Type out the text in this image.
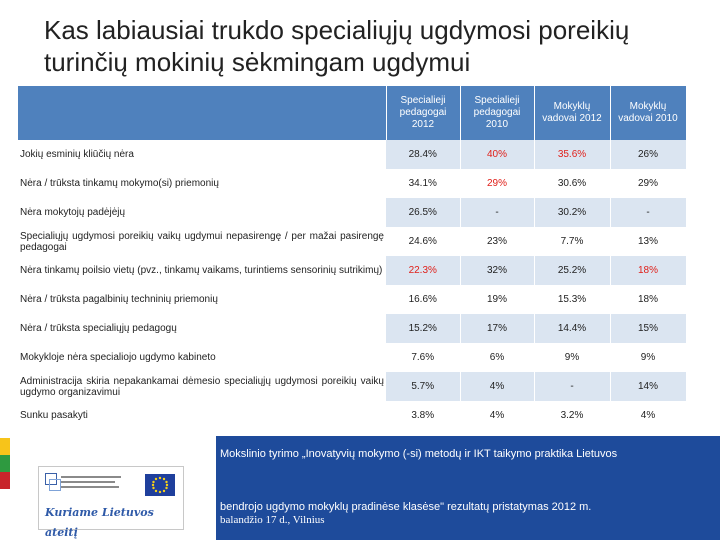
Kas labiausiai trukdo specialiųjų ugdymosi poreikių turinčių mokinių sėkmingam ugdymui
	Specialieji pedagogai 2012	Specialieji pedagogai 2010	Mokyklų vadovai 2012	Mokyklų vadovai 2010
Jokių esminių kliūčių nėra	28.4%	40%	35.6%	26%
Nėra / trūksta tinkamų mokymo(si) priemonių	34.1%	29%	30.6%	29%
Nėra mokytojų padėjėjų	26.5%	-	30.2%	-
Specialiųjų ugdymosi poreikių vaikų ugdymui nepasirengę / per mažai pasirengę pedagogai	24.6%	23%	7.7%	13%
Nėra tinkamų poilsio vietų (pvz., tinkamų vaikams, turintiems sensorinių sutrikimų)	22.3%	32%	25.2%	18%
Nėra / trūksta pagalbinių techninių priemonių	16.6%	19%	15.3%	18%
Nėra / trūksta specialiųjų pedagogų	15.2%	17%	14.4%	15%
Mokykloje nėra specialiojo ugdymo kabineto	7.6%	6%	9%	9%
Administracija skiria nepakankamai dėmesio specialiųjų ugdymosi poreikių vaikų ugdymo organizavimui	5.7%	4%	-	14%
Sunku pasakyti	3.8%	4%	3.2%	4%
Kuriame Lietuvos ateitį
Mokslinio tyrimo „Inovatyvių mokymo (-si) metodų ir IKT taikymo praktika Lietuvos
bendrojo ugdymo mokyklų pradinėse klasėse" rezultatų pristatymas 2012 m.
balandžio 17 d., Vilnius
